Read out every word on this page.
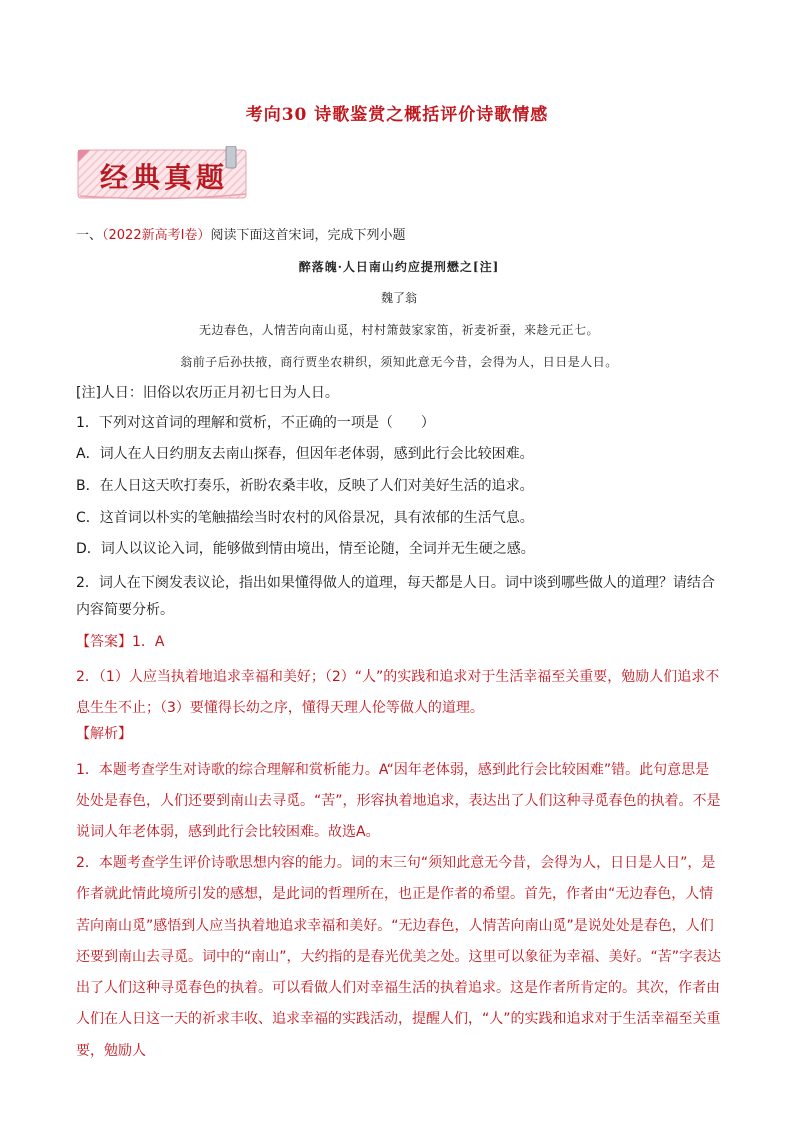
考向30 诗歌鉴赏之概括评价诗歌情感
经典真题
一、（2022新高考I卷）阅读下面这首宋词，完成下列小题
醉落魄·人日南山约应提刑懋之[注]
魏了翁
无边春色，人情苦向南山觅，村村箫鼓家家笛，祈麦祈蚕，来趁元正七。
翁前子后孙扶掖，商行贾坐农耕织，须知此意无今昔，会得为人，日日是人日。
[注]人日：旧俗以农历正月初七日为人日。
1．下列对这首词的理解和赏析，不正确的一项是（　　）
A．词人在人日约朋友去南山探春，但因年老体弱，感到此行会比较困难。
B．在人日这天吹打奏乐，祈盼农桑丰收，反映了人们对美好生活的追求。
C．这首词以朴实的笔触描绘当时农村的风俗景况，具有浓郁的生活气息。
D．词人以议论入词，能够做到情由境出，情至论随，全词并无生硬之感。
2．词人在下阕发表议论，指出如果懂得做人的道理，每天都是人日。词中谈到哪些做人的道理？请结合内容简要分析。
【答案】1．A
2．（1）人应当执着地追求幸福和美好；（2）“人”的实践和追求对于生活幸福至关重要，勉励人们追求不息生生不止；（3）要懂得长幼之序，懂得天理人伦等做人的道理。
【解析】
1．本题考查学生对诗歌的综合理解和赏析能力。A“因年老体弱，感到此行会比较困难”错。此句意思是处处是春色，人们还要到南山去寻觅。“苦”，形容执着地追求，表达出了人们这种寻觅春色的执着。不是说词人年老体弱，感到此行会比较困难。故选A。
2．本题考查学生评价诗歌思想内容的能力。词的末三句“须知此意无今昔，会得为人，日日是人日”，是作者就此情此境所引发的感想，是此词的哲理所在，也正是作者的希望。首先，作者由“无边春色，人情苦向南山觅”感悟到人应当执着地追求幸福和美好。“无边春色，人情苦向南山觅”是说处处是春色，人们还要到南山去寻觅。词中的“南山”，大约指的是春光优美之处。这里可以象征为幸福、美好。“苦”字表达出了人们这种寻觅春色的执着。可以看做人们对幸福生活的执着追求。这是作者所肯定的。其次，作者由人们在人日这一天的祈求丰收、追求幸福的实践活动，提醒人们，“人”的实践和追求对于生活幸福至关重要，勉励人
